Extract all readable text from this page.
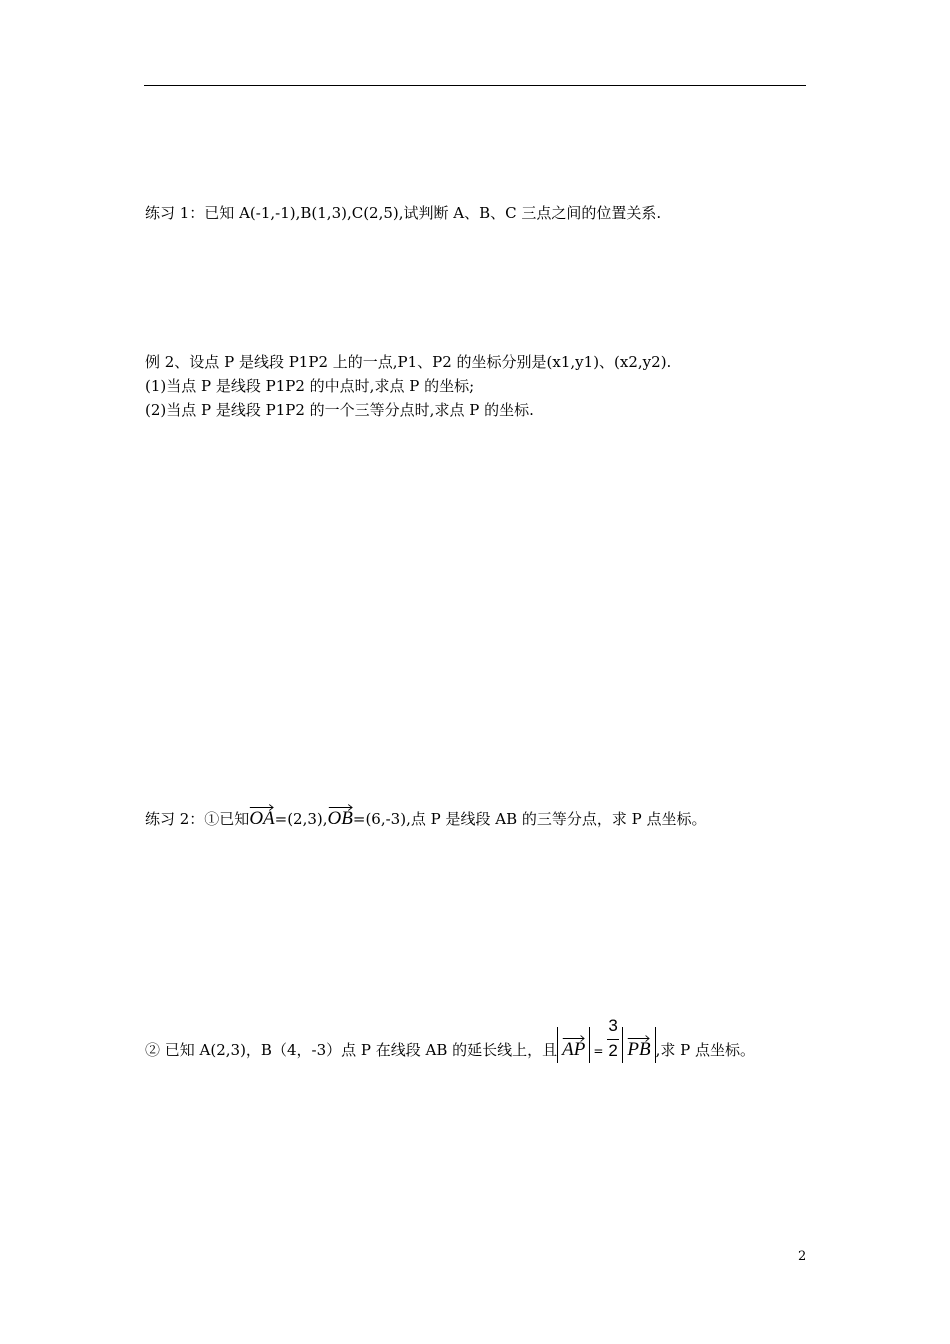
练习 1：已知 A(-1,-1),B(1,3),C(2,5),试判断 A、B、C 三点之间的位置关系.
例 2、设点 P 是线段 P1P2 上的一点,P1、P2 的坐标分别是(x1,y1)、(x2,y2).
(1)当点 P 是线段 P1P2 的中点时,求点 P 的坐标;
(2)当点 P 是线段 P1P2 的一个三等分点时,求点 P 的坐标.
练习 2：①已知
OA=(2,3),
OB=(6,-3),点 P 是线段 AB 的三等分点，求 P 点坐标。
② 已知 A(2,3)，B（4，-3）点 P 在线段 AB 的延长线上，且 AP = $\frac{3}{2}$ PB ,求 P 点坐标。
2
